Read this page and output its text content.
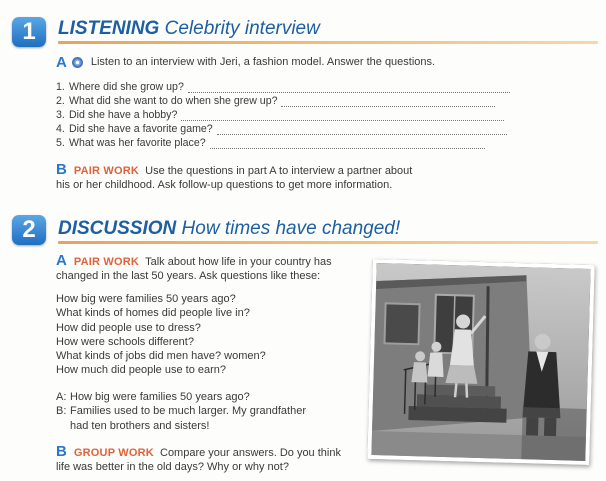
1	LISTENING Celebrity interview
A Listen to an interview with Jeri, a fashion model. Answer the questions.
1. Where did she grow up?
2. What did she want to do when she grew up?
3. Did she have a hobby?
4. Did she have a favorite game?
5. What was her favorite place?
B PAIR WORK Use the questions in part A to interview a partner about
his or her childhood. Ask follow-up questions to get more information.
2	DISCUSSION How times have changed!
A PAIR WORK Talk about how life in your country has
changed in the last 50 years. Ask questions like these:
How big were families 50 years ago?
What kinds of homes did people live in?
How did people use to dress?
How were schools different?
What kinds of jobs did men have? women?
How much did people use to earn?
A: How big were families 50 years ago?
B: Families used to be much larger. My grandfather
had ten brothers and sisters!
B GROUP WORK Compare your answers. Do you think
life was better in the old days? Why or why not?
